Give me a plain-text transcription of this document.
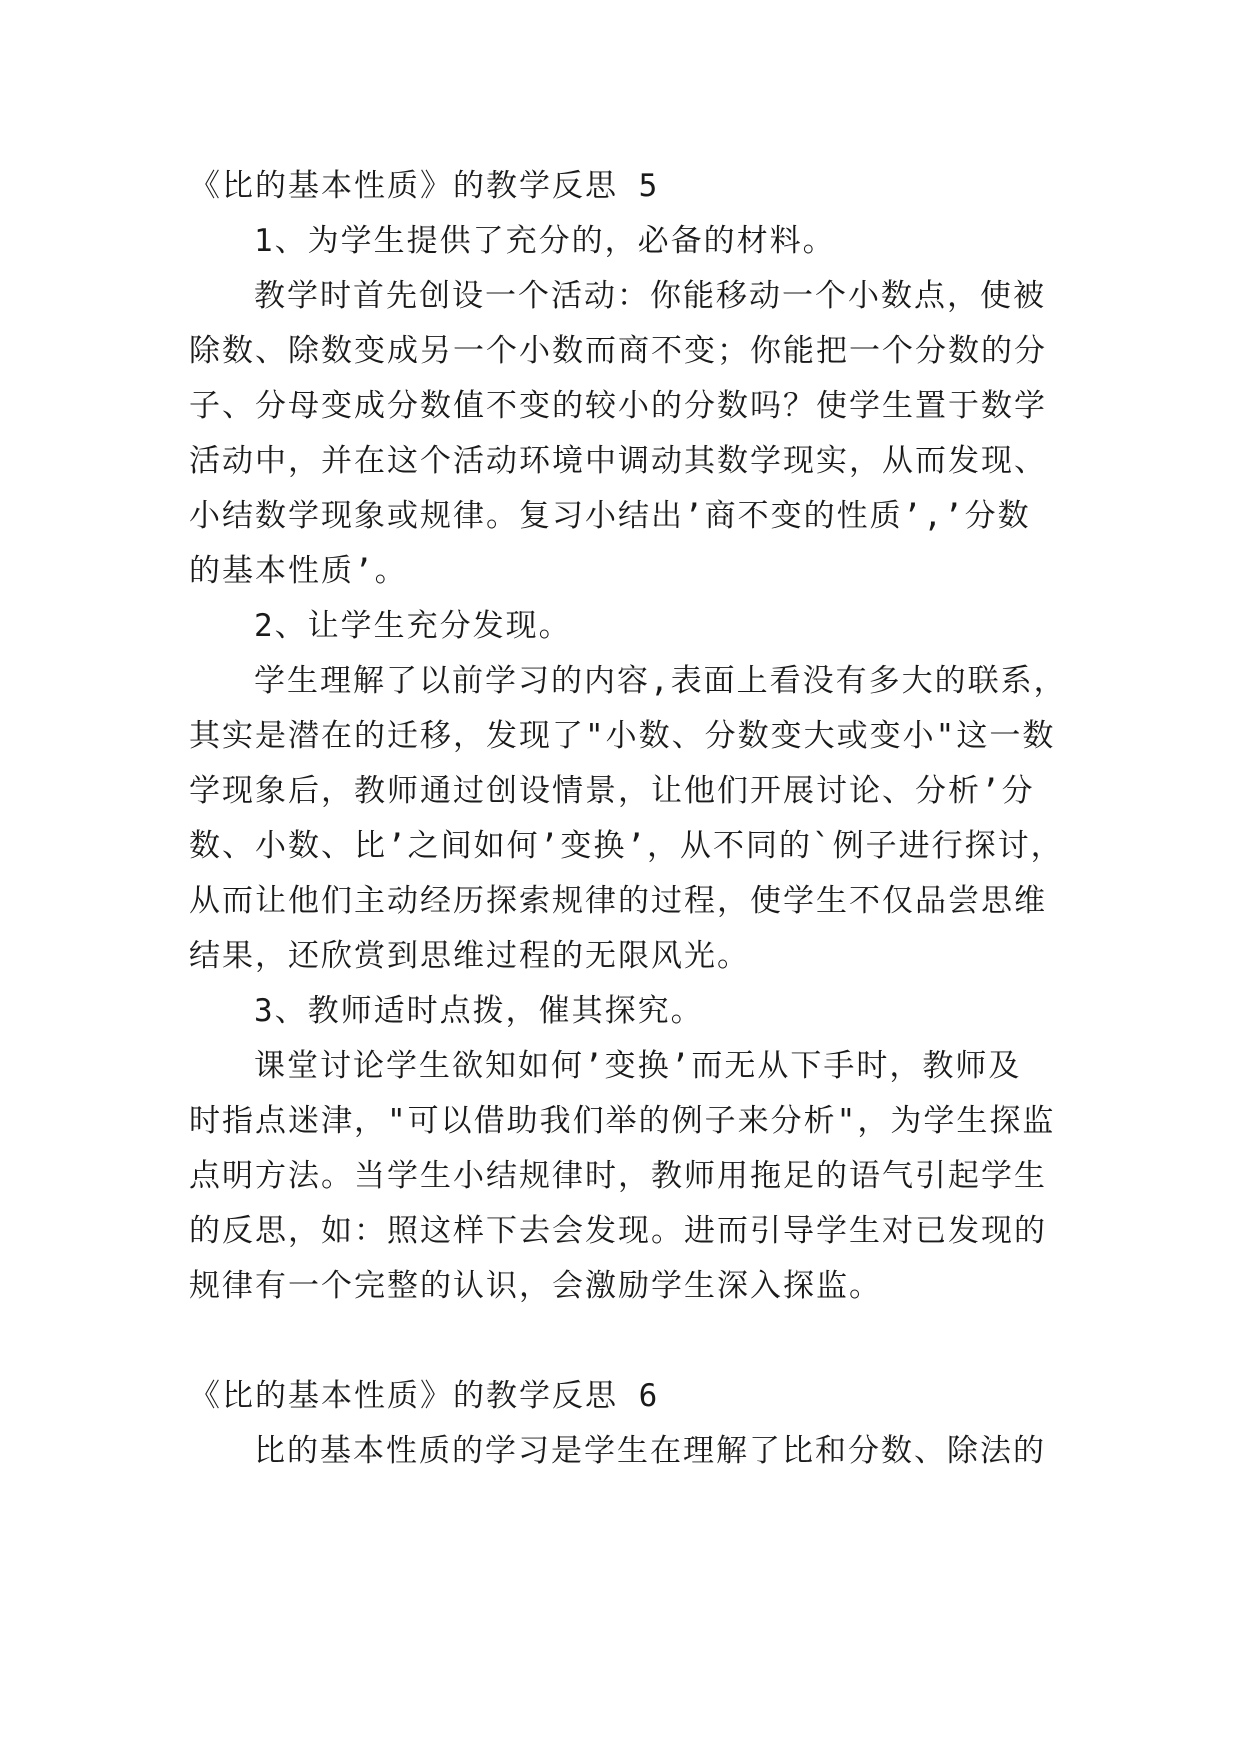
《比的基本性质》的教学反思 5
1、为学生提供了充分的，必备的材料。
教学时首先创设一个活动：你能移动一个小数点，使被
除数、除数变成另一个小数而商不变；你能把一个分数的分
子、分母变成分数值不变的较小的分数吗？使学生置于数学
活动中，并在这个活动环境中调动其数学现实，从而发现、
小结数学现象或规律。复习小结出’商不变的性质’,’分数
的基本性质’。
2、让学生充分发现。
学生理解了以前学习的内容,表面上看没有多大的联系，
其实是潜在的迁移，发现了"小数、分数变大或变小"这一数
学现象后，教师通过创设情景，让他们开展讨论、分析’分
数、小数、比’之间如何’变换’，从不同的`例子进行探讨，
从而让他们主动经历探索规律的过程，使学生不仅品尝思维
结果，还欣赏到思维过程的无限风光。
3、教师适时点拨，催其探究。
课堂讨论学生欲知如何’变换’而无从下手时，教师及
时指点迷津，"可以借助我们举的例子来分析"，为学生探监
点明方法。当学生小结规律时，教师用拖足的语气引起学生
的反思，如：照这样下去会发现。进而引导学生对已发现的
规律有一个完整的认识，会激励学生深入探监。
《比的基本性质》的教学反思 6
比的基本性质的学习是学生在理解了比和分数、除法的
